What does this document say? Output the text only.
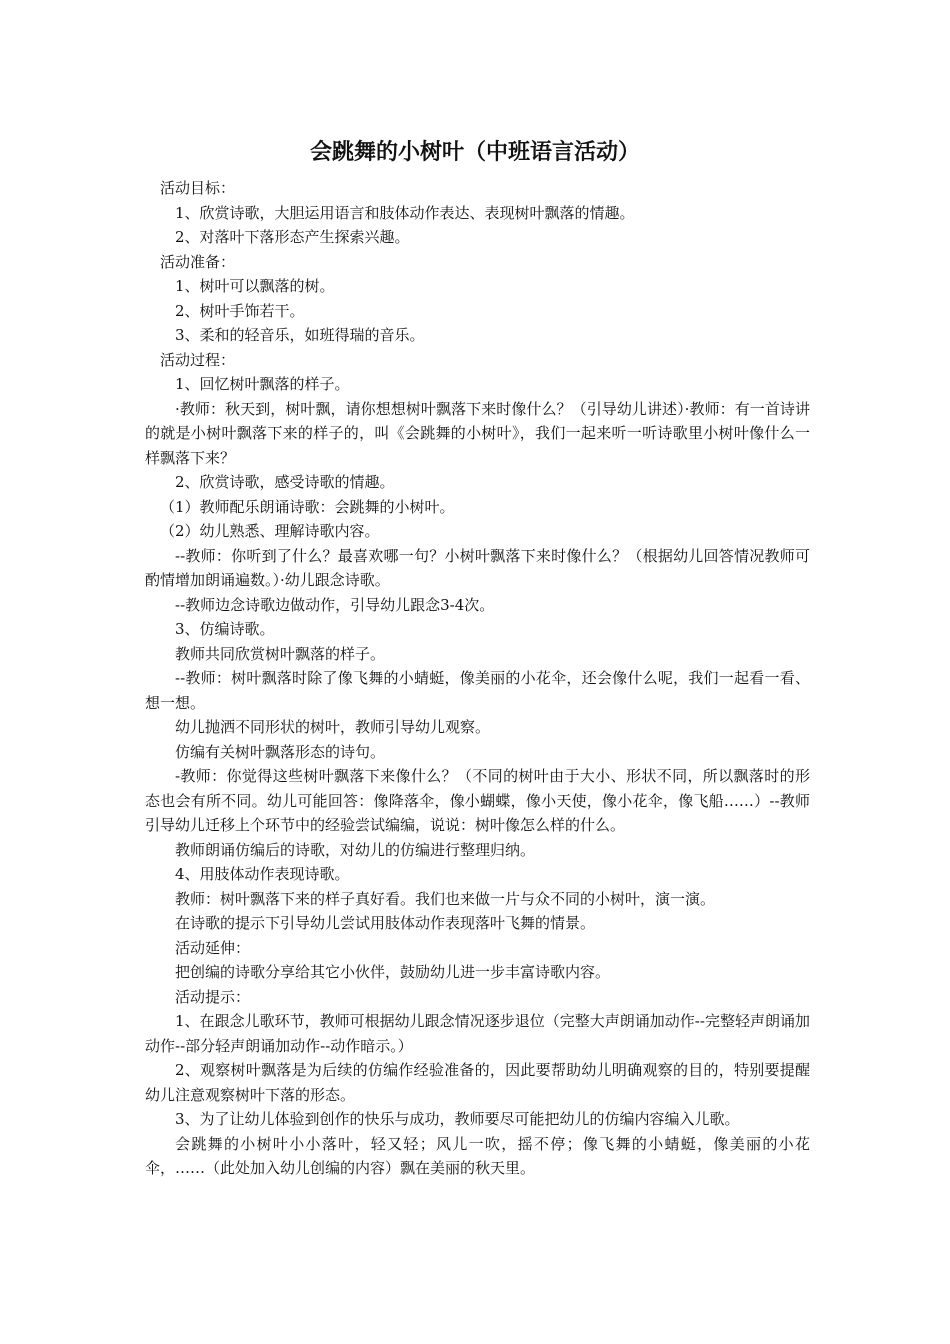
会跳舞的小树叶（中班语言活动）

活动目标：

1、欣赏诗歌，大胆运用语言和肢体动作表达、表现树叶飘落的情趣。

2、对落叶下落形态产生探索兴趣。

活动准备：

1、树叶可以飘落的树。

2、树叶手饰若干。

3、柔和的轻音乐，如班得瑞的音乐。

活动过程：

1、回忆树叶飘落的样子。

·教师：秋天到，树叶飘，请你想想树叶飘落下来时像什么？（引导幼儿讲述）·教师：有一首诗讲的就是小树叶飘落下来的样子的，叫《会跳舞的小树叶》，我们一起来听一听诗歌里小树叶像什么一样飘落下来？

2、欣赏诗歌，感受诗歌的情趣。

（1）教师配乐朗诵诗歌：会跳舞的小树叶。

（2）幼儿熟悉、理解诗歌内容。

--教师：你听到了什么？最喜欢哪一句？小树叶飘落下来时像什么？（根据幼儿回答情况教师可酌情增加朗诵遍数。）·幼儿跟念诗歌。

--教师边念诗歌边做动作，引导幼儿跟念3-4次。

3、仿编诗歌。

教师共同欣赏树叶飘落的样子。

--教师：树叶飘落时除了像飞舞的小蜻蜓，像美丽的小花伞，还会像什么呢，我们一起看一看、想一想。

幼儿抛洒不同形状的树叶，教师引导幼儿观察。

仿编有关树叶飘落形态的诗句。

-教师：你觉得这些树叶飘落下来像什么？（不同的树叶由于大小、形状不同，所以飘落时的形态也会有所不同。幼儿可能回答：像降落伞，像小蝴蝶，像小天使，像小花伞，像飞船……）--教师引导幼儿迁移上个环节中的经验尝试编编，说说：树叶像怎么样的什么。

教师朗诵仿编后的诗歌，对幼儿的仿编进行整理归纳。

4、用肢体动作表现诗歌。

教师：树叶飘落下来的样子真好看。我们也来做一片与众不同的小树叶，演一演。

在诗歌的提示下引导幼儿尝试用肢体动作表现落叶飞舞的情景。

活动延伸：

把创编的诗歌分享给其它小伙伴，鼓励幼儿进一步丰富诗歌内容。

活动提示：

1、在跟念儿歌环节，教师可根据幼儿跟念情况逐步退位（完整大声朗诵加动作--完整轻声朗诵加动作--部分轻声朗诵加动作--动作暗示。）

2、观察树叶飘落是为后续的仿编作经验准备的，因此要帮助幼儿明确观察的目的，特别要提醒幼儿注意观察树叶下落的形态。

3、为了让幼儿体验到创作的快乐与成功，教师要尽可能把幼儿的仿编内容编入儿歌。

会跳舞的小树叶小小落叶，轻又轻；风儿一吹，摇不停；像飞舞的小蜻蜓，像美丽的小花伞，……（此处加入幼儿创编的内容）飘在美丽的秋天里。
